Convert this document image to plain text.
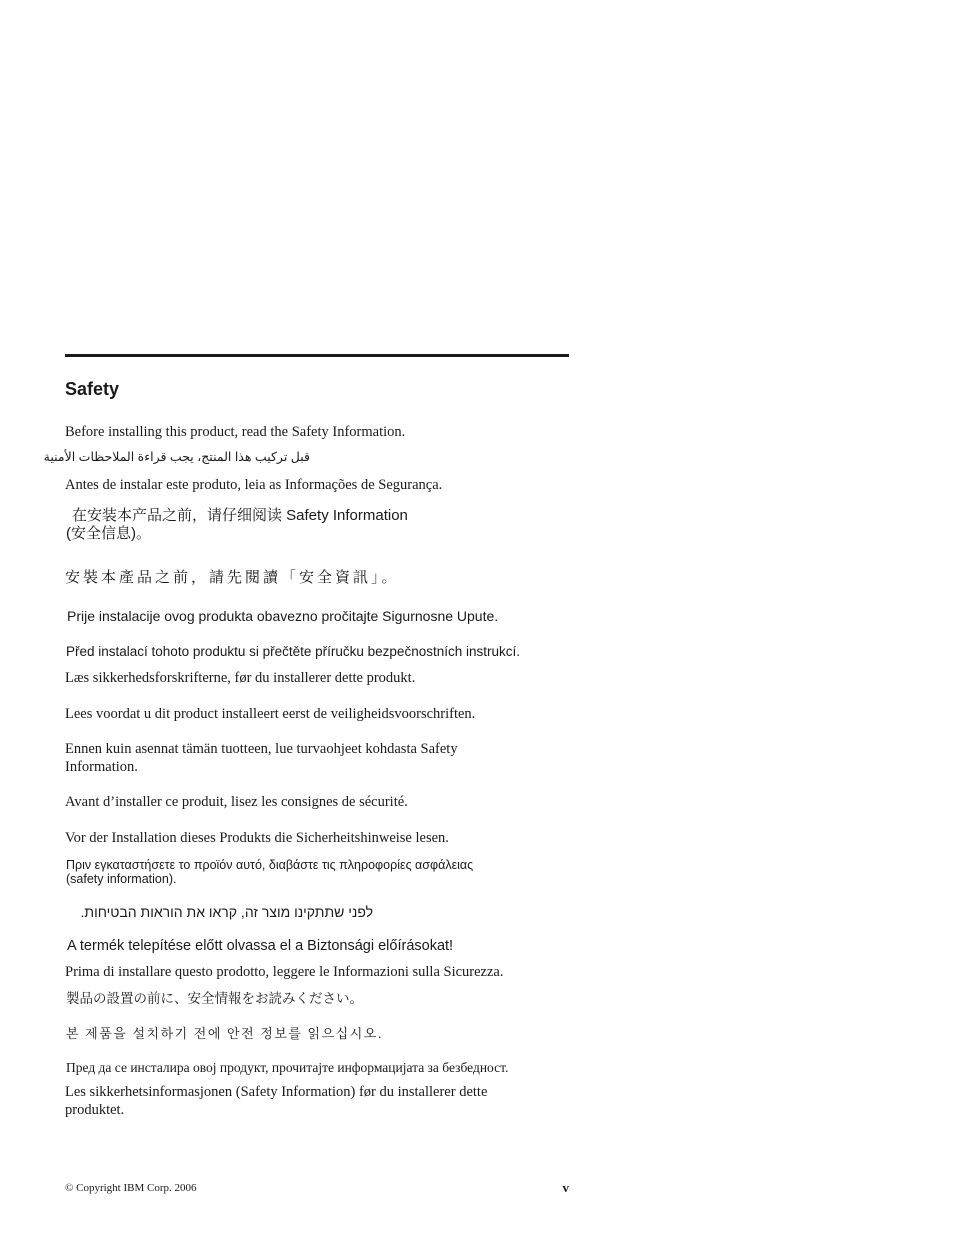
Safety

Before installing this product, read the Safety Information.

قبل تركيب هذا المنتج، يجب قراءة الملاحظات الأمنية

Antes de instalar este produto, leia as Informações de Segurança.

在安装本产品之前，请仔细阅读 Safety Information

(安全信息)。

安裝本產品之前，請先閱讀「安全資訊」。

Prije instalacije ovog produkta obavezno pročitajte Sigurnosne Upute.

Před instalací tohoto produktu si přečtěte příručku bezpečnostních instrukcí.

Læs sikkerhedsforskrifterne, før du installerer dette produkt.

Lees voordat u dit product installeert eerst de veiligheidsvoorschriften.

Ennen kuin asennat tämän tuotteen, lue turvaohjeet kohdasta Safety Information.

Avant d’installer ce produit, lisez les consignes de sécurité.

Vor der Installation dieses Produkts die Sicherheitshinweise lesen.

Πριν εγκαταστήσετε το προϊόν αυτό, διαβάστε τις πληροφορίες ασφάλειας

(safety information).

לפני שתתקינו מוצר זה, קראו את הוראות הבטיחות.

A termék telepítése előtt olvassa el a Biztonsági előírásokat!

Prima di installare questo prodotto, leggere le Informazioni sulla Sicurezza.

製品の設置の前に、安全情報をお読みください。

본 제품을 설치하기 전에 안전 정보를 읽으십시오.

Пред да се инсталира овој продукт, прочитајте информацијата за безбедност.

Les sikkerhetsinformasjonen (Safety Information) før du installerer dette produktet.

© Copyright IBM Corp. 2006	v
